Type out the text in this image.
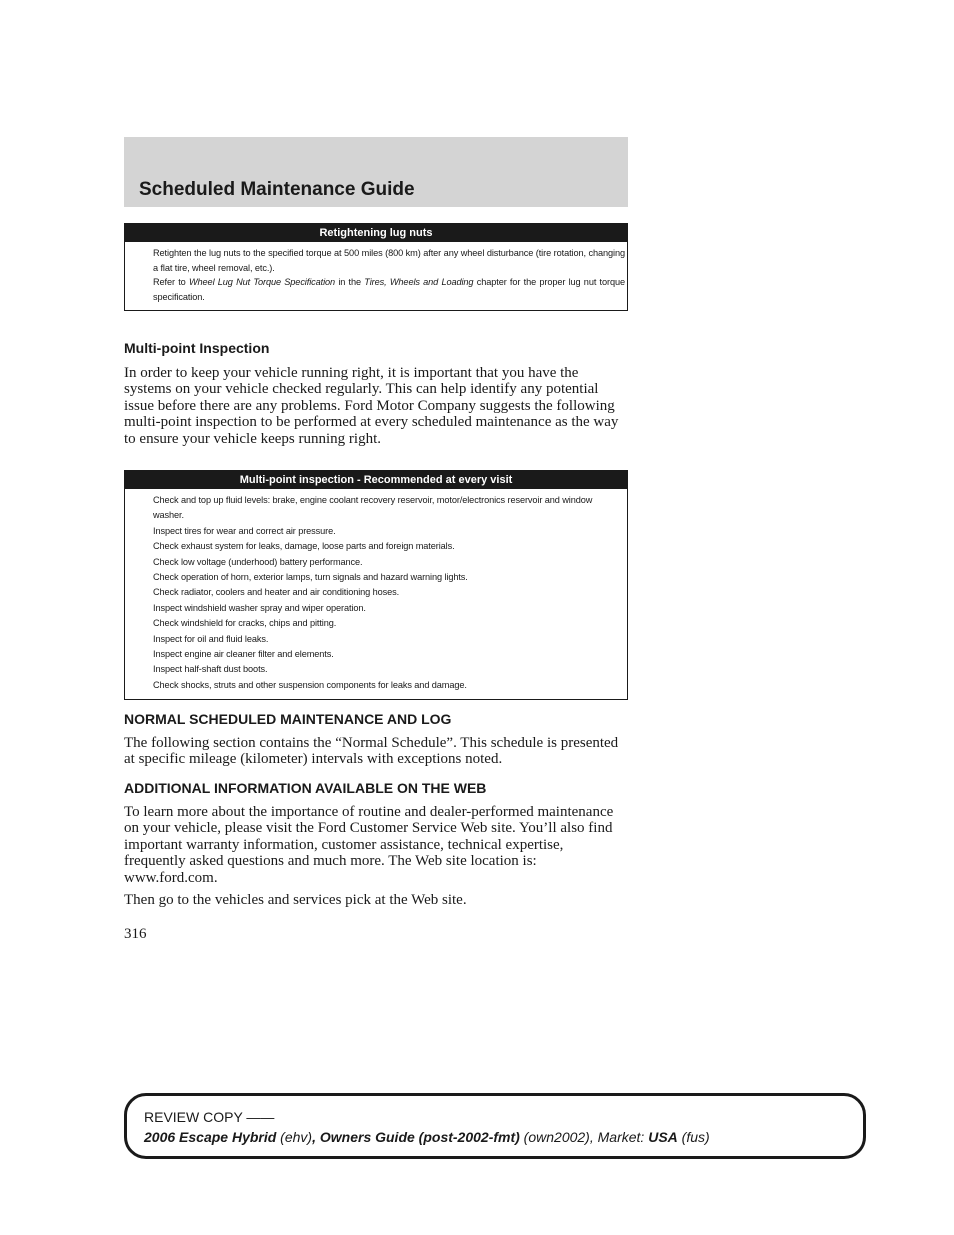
Scheduled Maintenance Guide
Retightening lug nuts

Retighten the lug nuts to the specified torque at 500 miles (800 km) after any wheel disturbance (tire rotation, changing a flat tire, wheel removal, etc.).

Refer to Wheel Lug Nut Torque Specification in the Tires, Wheels and Loading chapter for the proper lug nut torque specification.

Multi-point Inspection

In order to keep your vehicle running right, it is important that you have the systems on your vehicle checked regularly. This can help identify any potential issue before there are any problems. Ford Motor Company suggests the following multi-point inspection to be performed at every scheduled maintenance as the way to ensure your vehicle keeps running right.

Multi-point inspection - Recommended at every visit

Check and top up fluid levels: brake, engine coolant recovery reservoir, motor/electronics reservoir and window washer.

Inspect tires for wear and correct air pressure.

Check exhaust system for leaks, damage, loose parts and foreign materials.

Check low voltage (underhood) battery performance.

Check operation of horn, exterior lamps, turn signals and hazard warning lights.

Check radiator, coolers and heater and air conditioning hoses.

Inspect windshield washer spray and wiper operation.

Check windshield for cracks, chips and pitting.

Inspect for oil and fluid leaks.

Inspect engine air cleaner filter and elements.

Inspect half-shaft dust boots.

Check shocks, struts and other suspension components for leaks and damage.

NORMAL SCHEDULED MAINTENANCE AND LOG

The following section contains the “Normal Schedule”. This schedule is presented at specific mileage (kilometer) intervals with exceptions noted.

ADDITIONAL INFORMATION AVAILABLE ON THE WEB

To learn more about the importance of routine and dealer-performed maintenance on your vehicle, please visit the Ford Customer Service Web site. You’ll also find important warranty information, customer assistance, technical expertise, frequently asked questions and much more. The Web site location is: www.ford.com.

Then go to the vehicles and services pick at the Web site.

316
REVIEW COPY ——
2006 Escape Hybrid (ehv), Owners Guide (post-2002-fmt) (own2002), Market: USA (fus)
